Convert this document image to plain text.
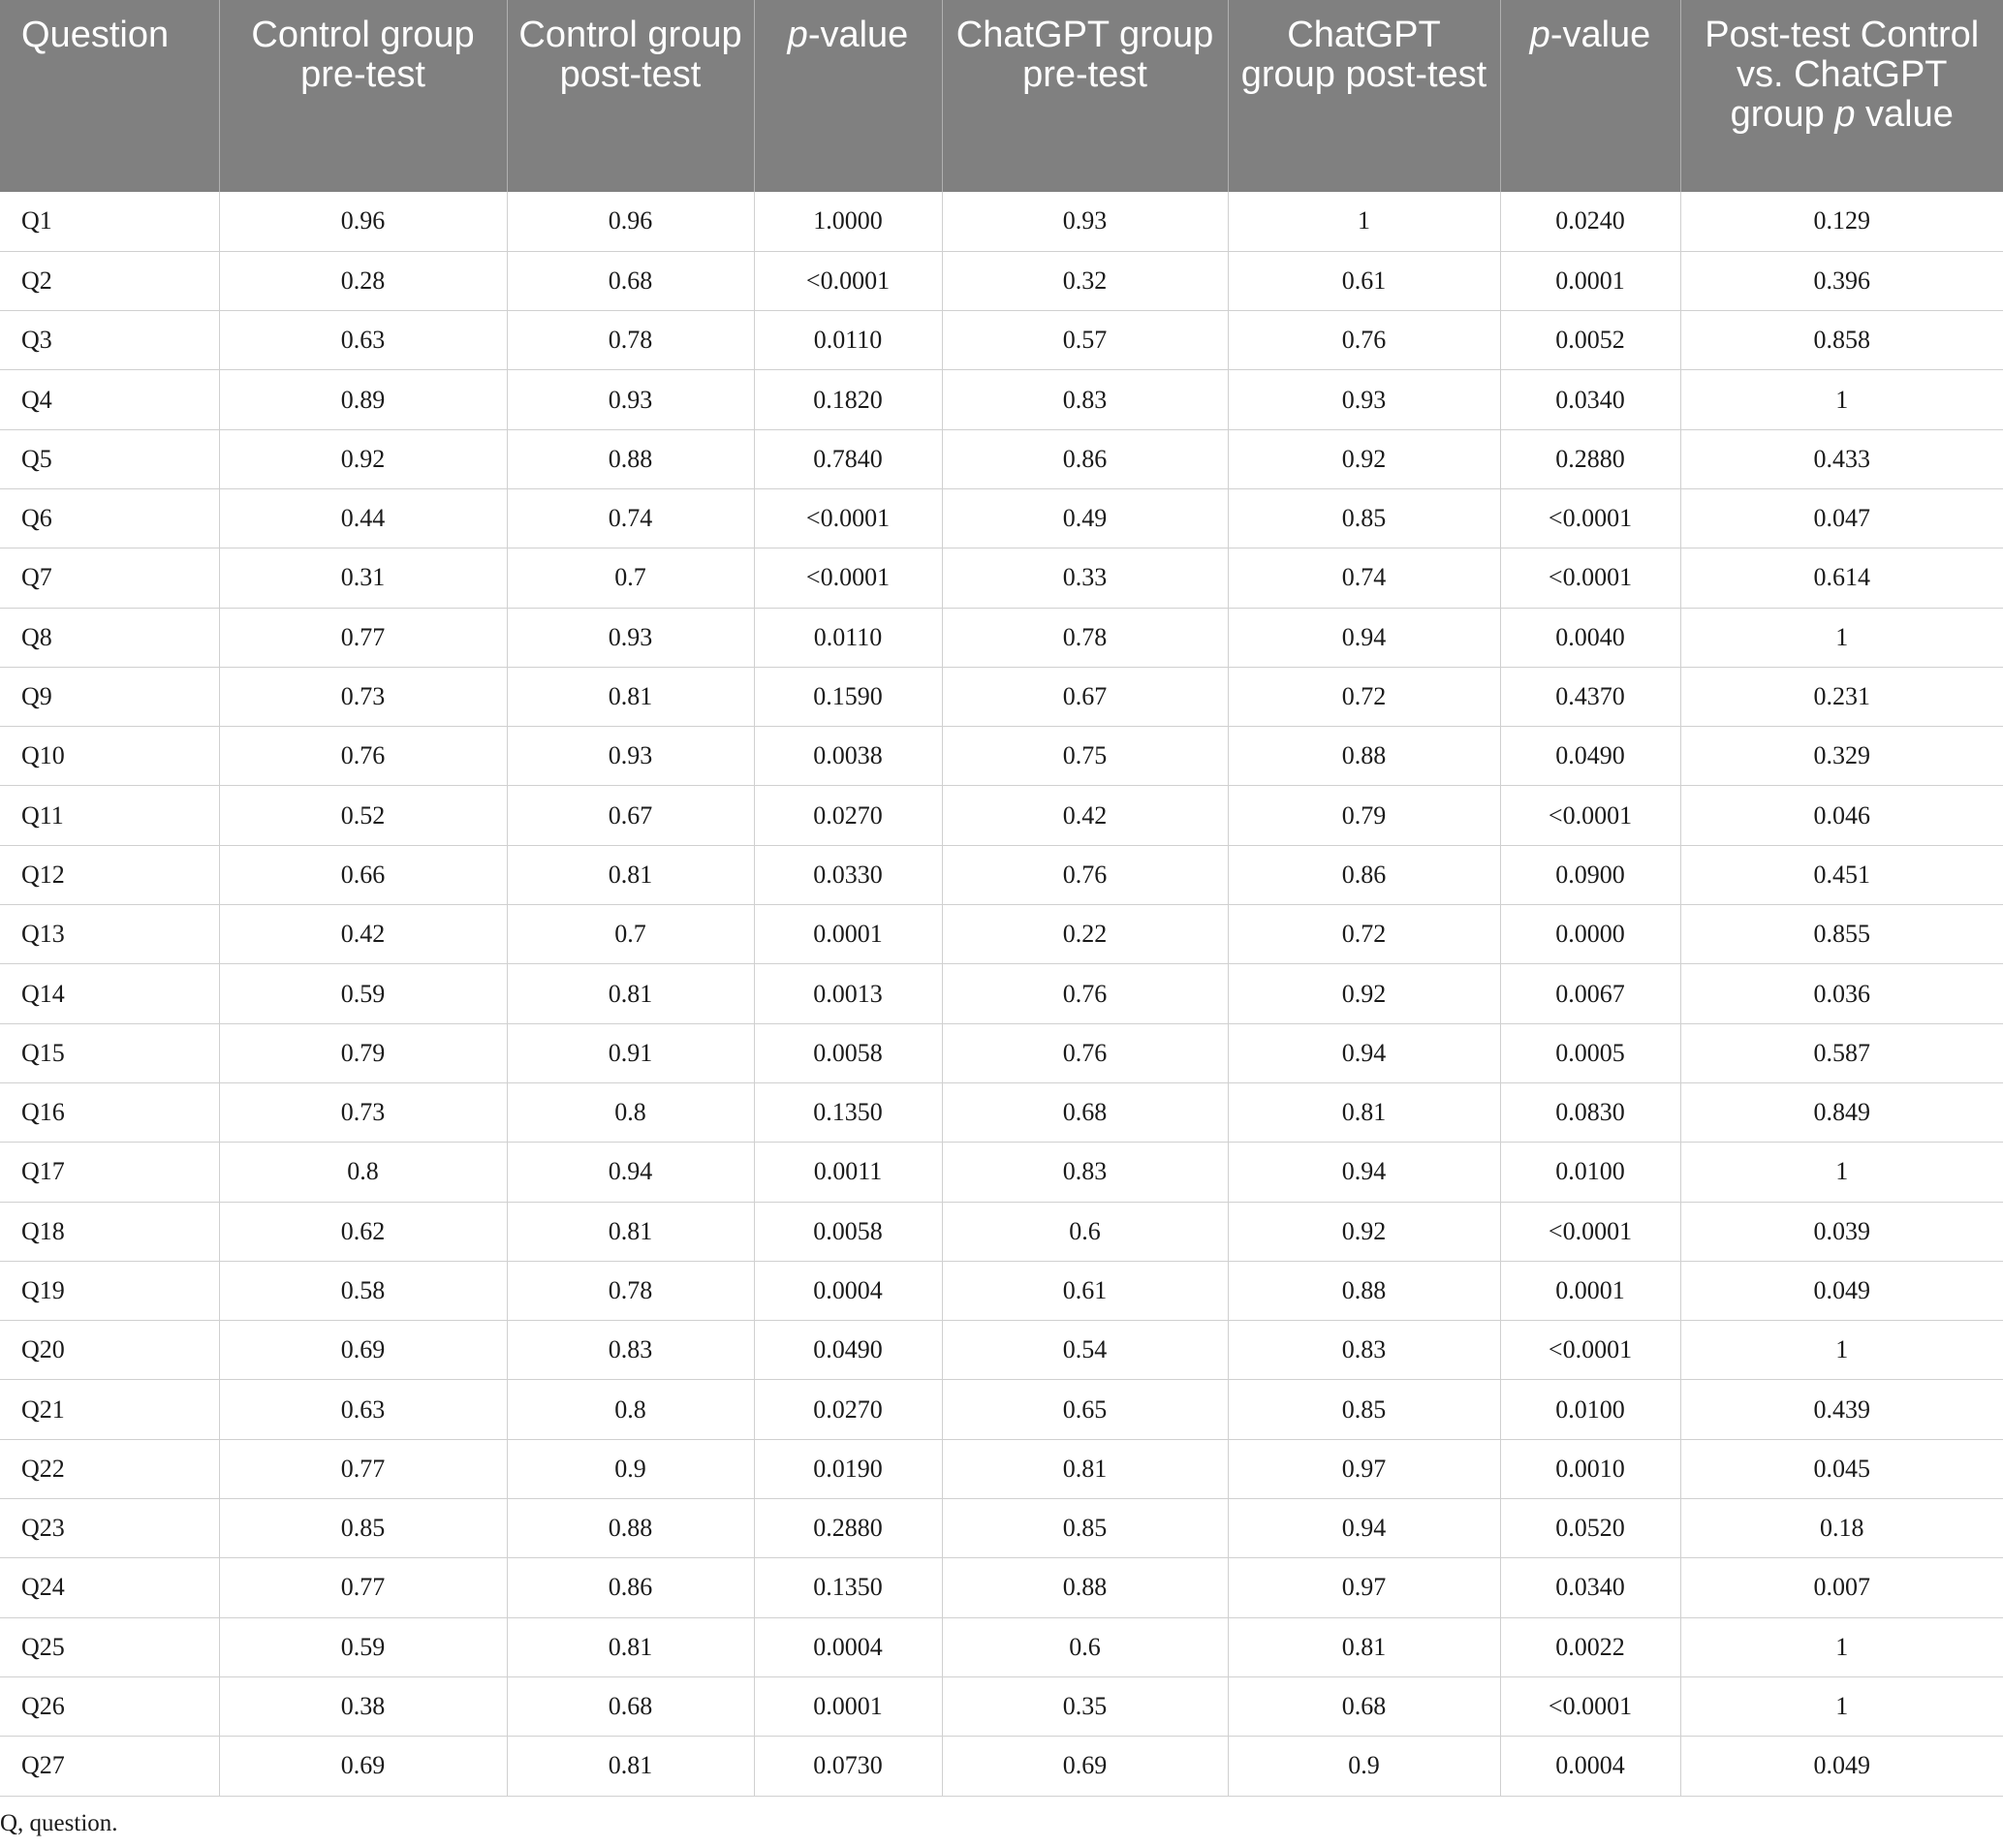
Question	Control group pre-test	Control group post-test	p-value	ChatGPT group pre-test	ChatGPT group post-test	p-value	Post-test Control vs. ChatGPT group p value
Q1	0.96	0.96	1.0000	0.93	1	0.0240	0.129
Q2	0.28	0.68	<0.0001	0.32	0.61	0.0001	0.396
Q3	0.63	0.78	0.0110	0.57	0.76	0.0052	0.858
Q4	0.89	0.93	0.1820	0.83	0.93	0.0340	1
Q5	0.92	0.88	0.7840	0.86	0.92	0.2880	0.433
Q6	0.44	0.74	<0.0001	0.49	0.85	<0.0001	0.047
Q7	0.31	0.7	<0.0001	0.33	0.74	<0.0001	0.614
Q8	0.77	0.93	0.0110	0.78	0.94	0.0040	1
Q9	0.73	0.81	0.1590	0.67	0.72	0.4370	0.231
Q10	0.76	0.93	0.0038	0.75	0.88	0.0490	0.329
Q11	0.52	0.67	0.0270	0.42	0.79	<0.0001	0.046
Q12	0.66	0.81	0.0330	0.76	0.86	0.0900	0.451
Q13	0.42	0.7	0.0001	0.22	0.72	0.0000	0.855
Q14	0.59	0.81	0.0013	0.76	0.92	0.0067	0.036
Q15	0.79	0.91	0.0058	0.76	0.94	0.0005	0.587
Q16	0.73	0.8	0.1350	0.68	0.81	0.0830	0.849
Q17	0.8	0.94	0.0011	0.83	0.94	0.0100	1
Q18	0.62	0.81	0.0058	0.6	0.92	<0.0001	0.039
Q19	0.58	0.78	0.0004	0.61	0.88	0.0001	0.049
Q20	0.69	0.83	0.0490	0.54	0.83	<0.0001	1
Q21	0.63	0.8	0.0270	0.65	0.85	0.0100	0.439
Q22	0.77	0.9	0.0190	0.81	0.97	0.0010	0.045
Q23	0.85	0.88	0.2880	0.85	0.94	0.0520	0.18
Q24	0.77	0.86	0.1350	0.88	0.97	0.0340	0.007
Q25	0.59	0.81	0.0004	0.6	0.81	0.0022	1
Q26	0.38	0.68	0.0001	0.35	0.68	<0.0001	1
Q27	0.69	0.81	0.0730	0.69	0.9	0.0004	0.049
Q, question.
